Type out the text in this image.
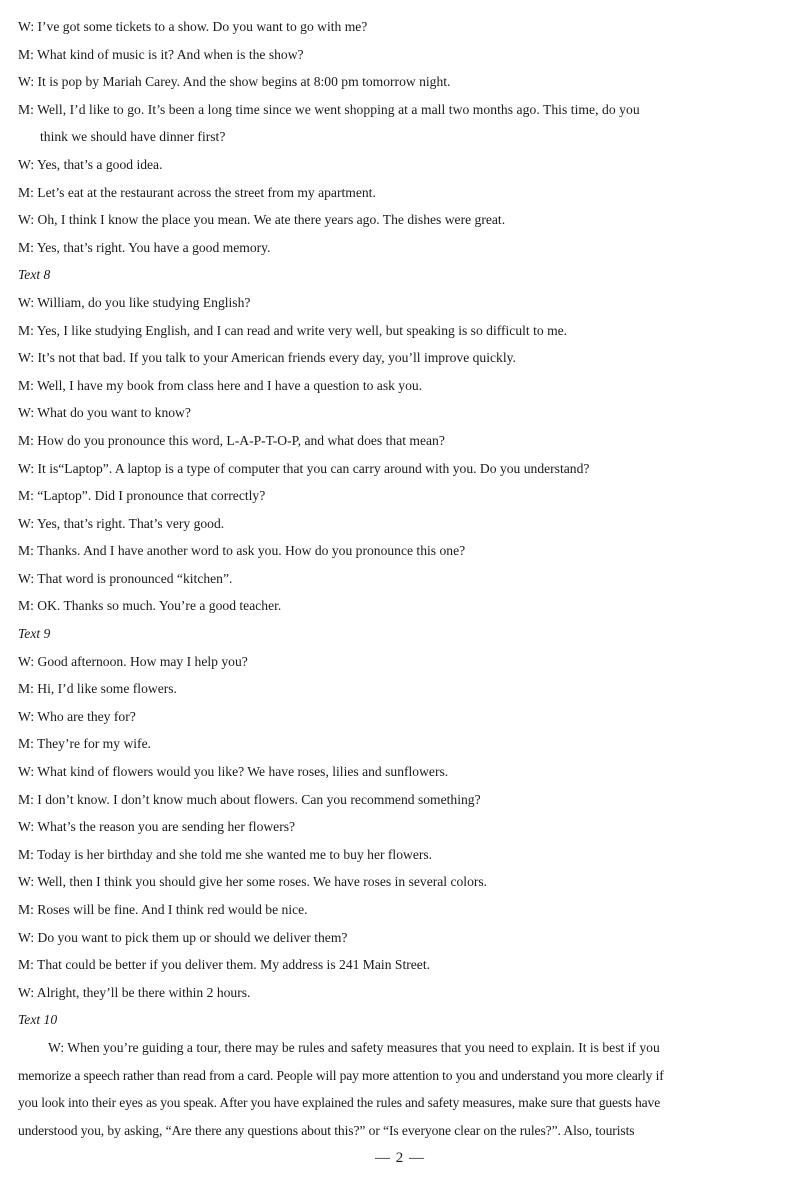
W: I’ve got some tickets to a show. Do you want to go with me?
M: What kind of music is it? And when is the show?
W: It is pop by Mariah Carey. And the show begins at 8:00 pm tomorrow night.
M: Well, I’d like to go. It’s been a long time since we went shopping at a mall two months ago. This time, do you
think we should have dinner first?
W: Yes, that’s a good idea.
M: Let’s eat at the restaurant across the street from my apartment.
W: Oh, I think I know the place you mean. We ate there years ago. The dishes were great.
M: Yes, that’s right. You have a good memory.
Text 8
W: William, do you like studying English?
M: Yes, I like studying English, and I can read and write very well, but speaking is so difficult to me.
W: It’s not that bad. If you talk to your American friends every day, you’ll improve quickly.
M: Well, I have my book from class here and I have a question to ask you.
W: What do you want to know?
M: How do you pronounce this word, L-A-P-T-O-P, and what does that mean?
W: It is“Laptop”. A laptop is a type of computer that you can carry around with you. Do you understand?
M: “Laptop”. Did I pronounce that correctly?
W: Yes, that’s right. That’s very good.
M: Thanks. And I have another word to ask you. How do you pronounce this one?
W: That word is pronounced “kitchen”.
M: OK. Thanks so much. You’re a good teacher.
Text 9
W: Good afternoon. How may I help you?
M: Hi, I’d like some flowers.
W: Who are they for?
M: They’re for my wife.
W: What kind of flowers would you like? We have roses, lilies and sunflowers.
M: I don’t know. I don’t know much about flowers. Can you recommend something?
W: What’s the reason you are sending her flowers?
M: Today is her birthday and she told me she wanted me to buy her flowers.
W: Well, then I think you should give her some roses. We have roses in several colors.
M: Roses will be fine. And I think red would be nice.
W: Do you want to pick them up or should we deliver them?
M: That could be better if you deliver them. My address is 241 Main Street.
W: Alright, they’ll be there within 2 hours.
Text 10
W: When you’re guiding a tour, there may be rules and safety measures that you need to explain. It is best if you
memorize a speech rather than read from a card. People will pay more attention to you and understand you more clearly if
you look into their eyes as you speak. After you have explained the rules and safety measures, make sure that guests have
understood you, by asking, “Are there any questions about this?” or “Is everyone clear on the rules?”. Also, tourists
— 2 —
